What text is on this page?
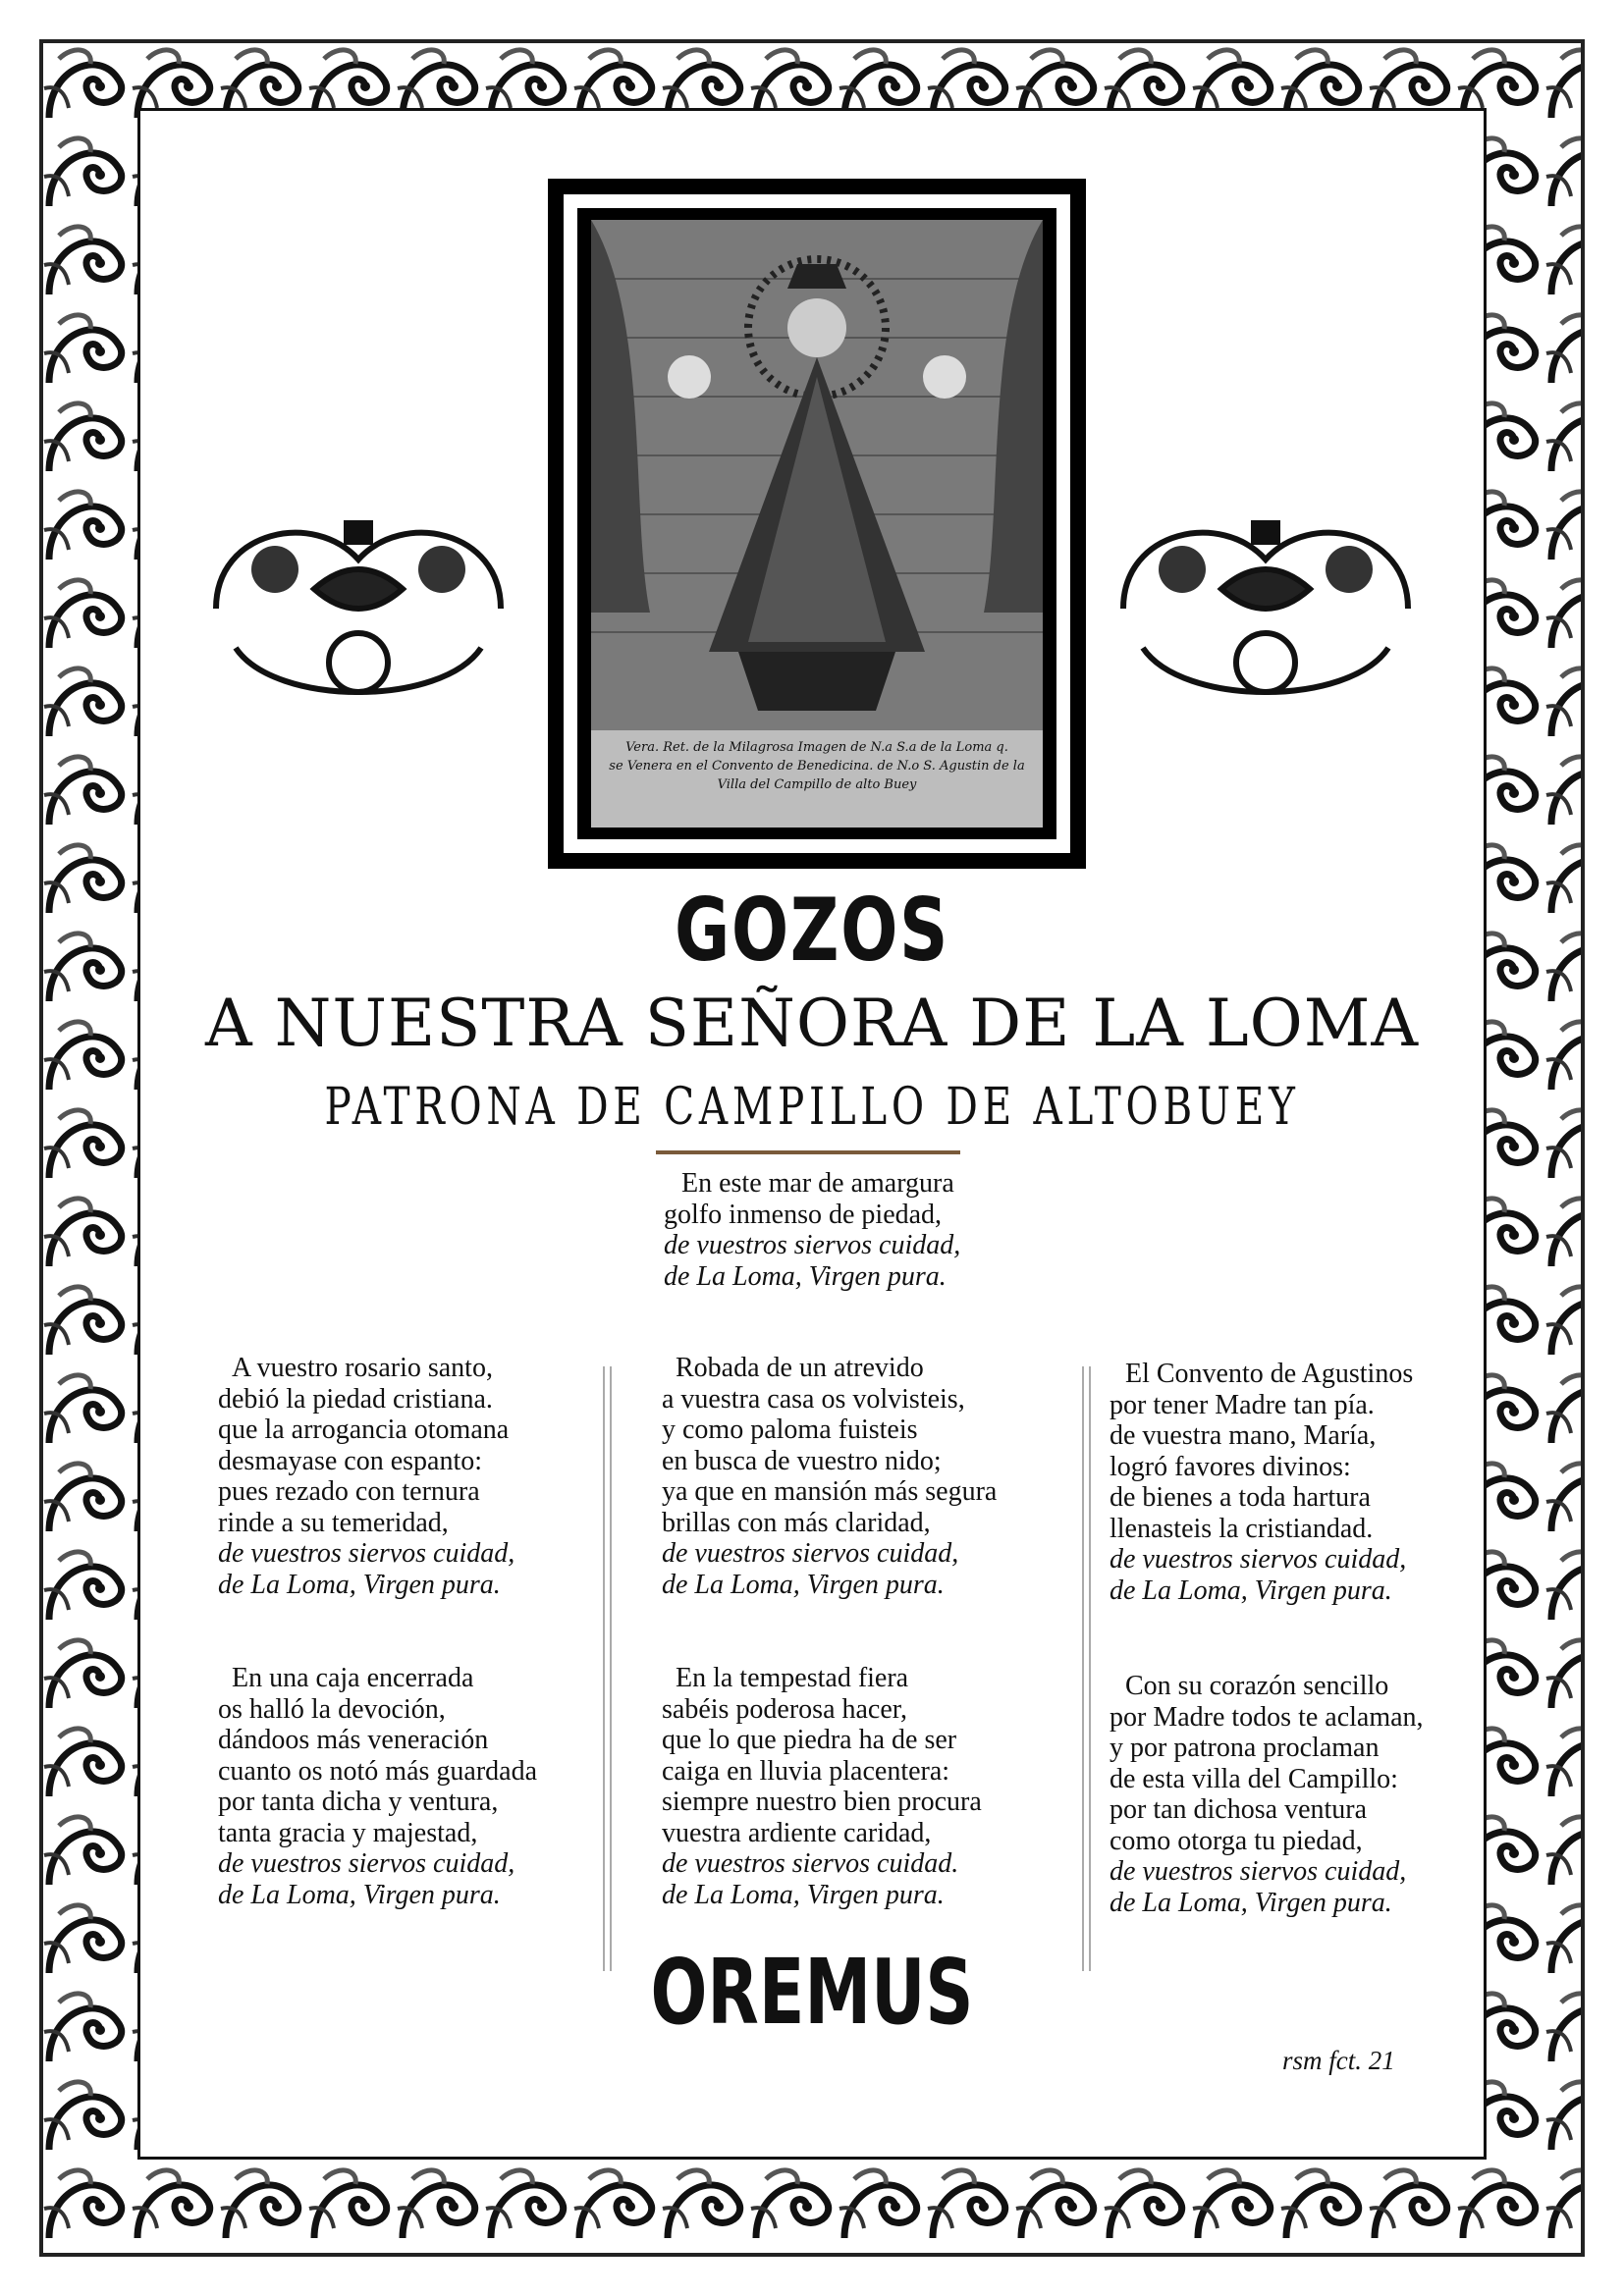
Vera. Ret. de la Milagrosa Imagen de N.a S.a de la Loma q.
se Venera en el Convento de Benedicina. de N.o S. Agustin de la
Villa del Campillo de alto Buey
GOZOS
A NUESTRA SEÑORA DE LA LOMA
PATRONA DE CAMPILLO DE ALTOBUEY
En este mar de amargura
golfo inmenso de piedad,
de vuestros siervos cuidad,
de La Loma, Virgen pura.
A vuestro rosario santo,
debió la piedad cristiana.
que la arrogancia otomana
desmayase con espanto:
pues rezado con ternura
rinde a su temeridad,
de vuestros siervos cuidad,
de La Loma, Virgen pura.
En una caja encerrada
os halló la devoción,
dándoos más veneración
cuanto os notó más guardada
por tanta dicha y ventura,
tanta gracia y majestad,
de vuestros siervos cuidad,
de La Loma, Virgen pura.
Robada de un atrevido
a vuestra casa os volvisteis,
y como paloma fuisteis
en busca de vuestro nido;
ya que en mansión más segura
brillas con más claridad,
de vuestros siervos cuidad,
de La Loma, Virgen pura.
En la tempestad fiera
sabéis poderosa hacer,
que lo que piedra ha de ser
caiga en lluvia placentera:
siempre nuestro bien procura
vuestra ardiente caridad,
de vuestros siervos cuidad.
de La Loma, Virgen pura.
El Convento de Agustinos
por tener Madre tan pía.
de vuestra mano, María,
logró favores divinos:
de bienes a toda hartura
llenasteis la cristiandad.
de vuestros siervos cuidad,
de La Loma, Virgen pura.
Con su corazón sencillo
por Madre todos te aclaman,
y por patrona proclaman
de esta villa del Campillo:
por tan dichosa ventura
como otorga tu piedad,
de vuestros siervos cuidad,
de La Loma, Virgen pura.
OREMUS
rsm fct. 21
